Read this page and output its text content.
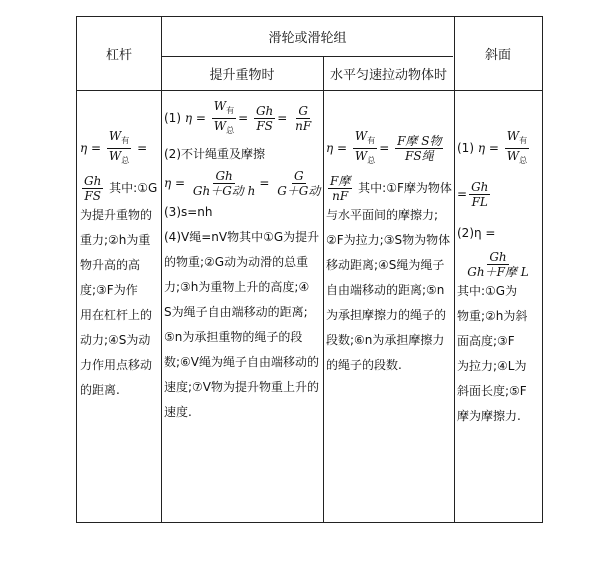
杠杆
滑轮或滑轮组
提升重物时	水平匀速拉动物体时
斜面
$\eta = \frac{W_有}{W_总}$ =
$\frac{Gh}{FS}$ 其中:①G
为提升重物的
重力;②h为重
物升高的高
度;③F为作
用在杠杆上的
动力;④S为动
力作用点移动
的距离.
(1) $\eta = \frac{W_有}{W_总} = \frac{Gh}{FS} = \frac{G}{nF}$
(2)不计绳重及摩擦
$\eta = \frac{Gh}{\text{Gh＋G动 h}} = \frac{G}{\text{G＋G动}}$
(3)s=nh
(4)V绳=nV物其中①G为提升
的物重;②G动为动滑的总重
力;③h为重物上升的高度;④
S为绳子自由端移动的距离;
⑤n为承担重物的绳子的段
数;⑥V绳为绳子自由端移动的
速度;⑦V物为提升物重上升的
速度.
$\eta = \frac{W_有}{W_总} = \frac{\text{F摩 S物}}{\text{FS绳}}$
$\frac{\text{F摩}}{nF}$ 其中:①F摩为物体
与水平面间的摩擦力;
②F为拉力;③S物为物体
移动距离;④S绳为绳子
自由端移动的距离;⑤n
为承担摩擦力的绳子的
段数;⑥n为承担摩擦力
的绳子的段数.
(1) $\eta = \frac{W_有}{W_总}$
= $\frac{Gh}{FL}$
(2)η =
$\frac{Gh}{\text{Gh＋F摩 L}}$
其中:①G为
物重;②h为斜
面高度;③F
为拉力;④L为
斜面长度;⑤F
摩为摩擦力.
